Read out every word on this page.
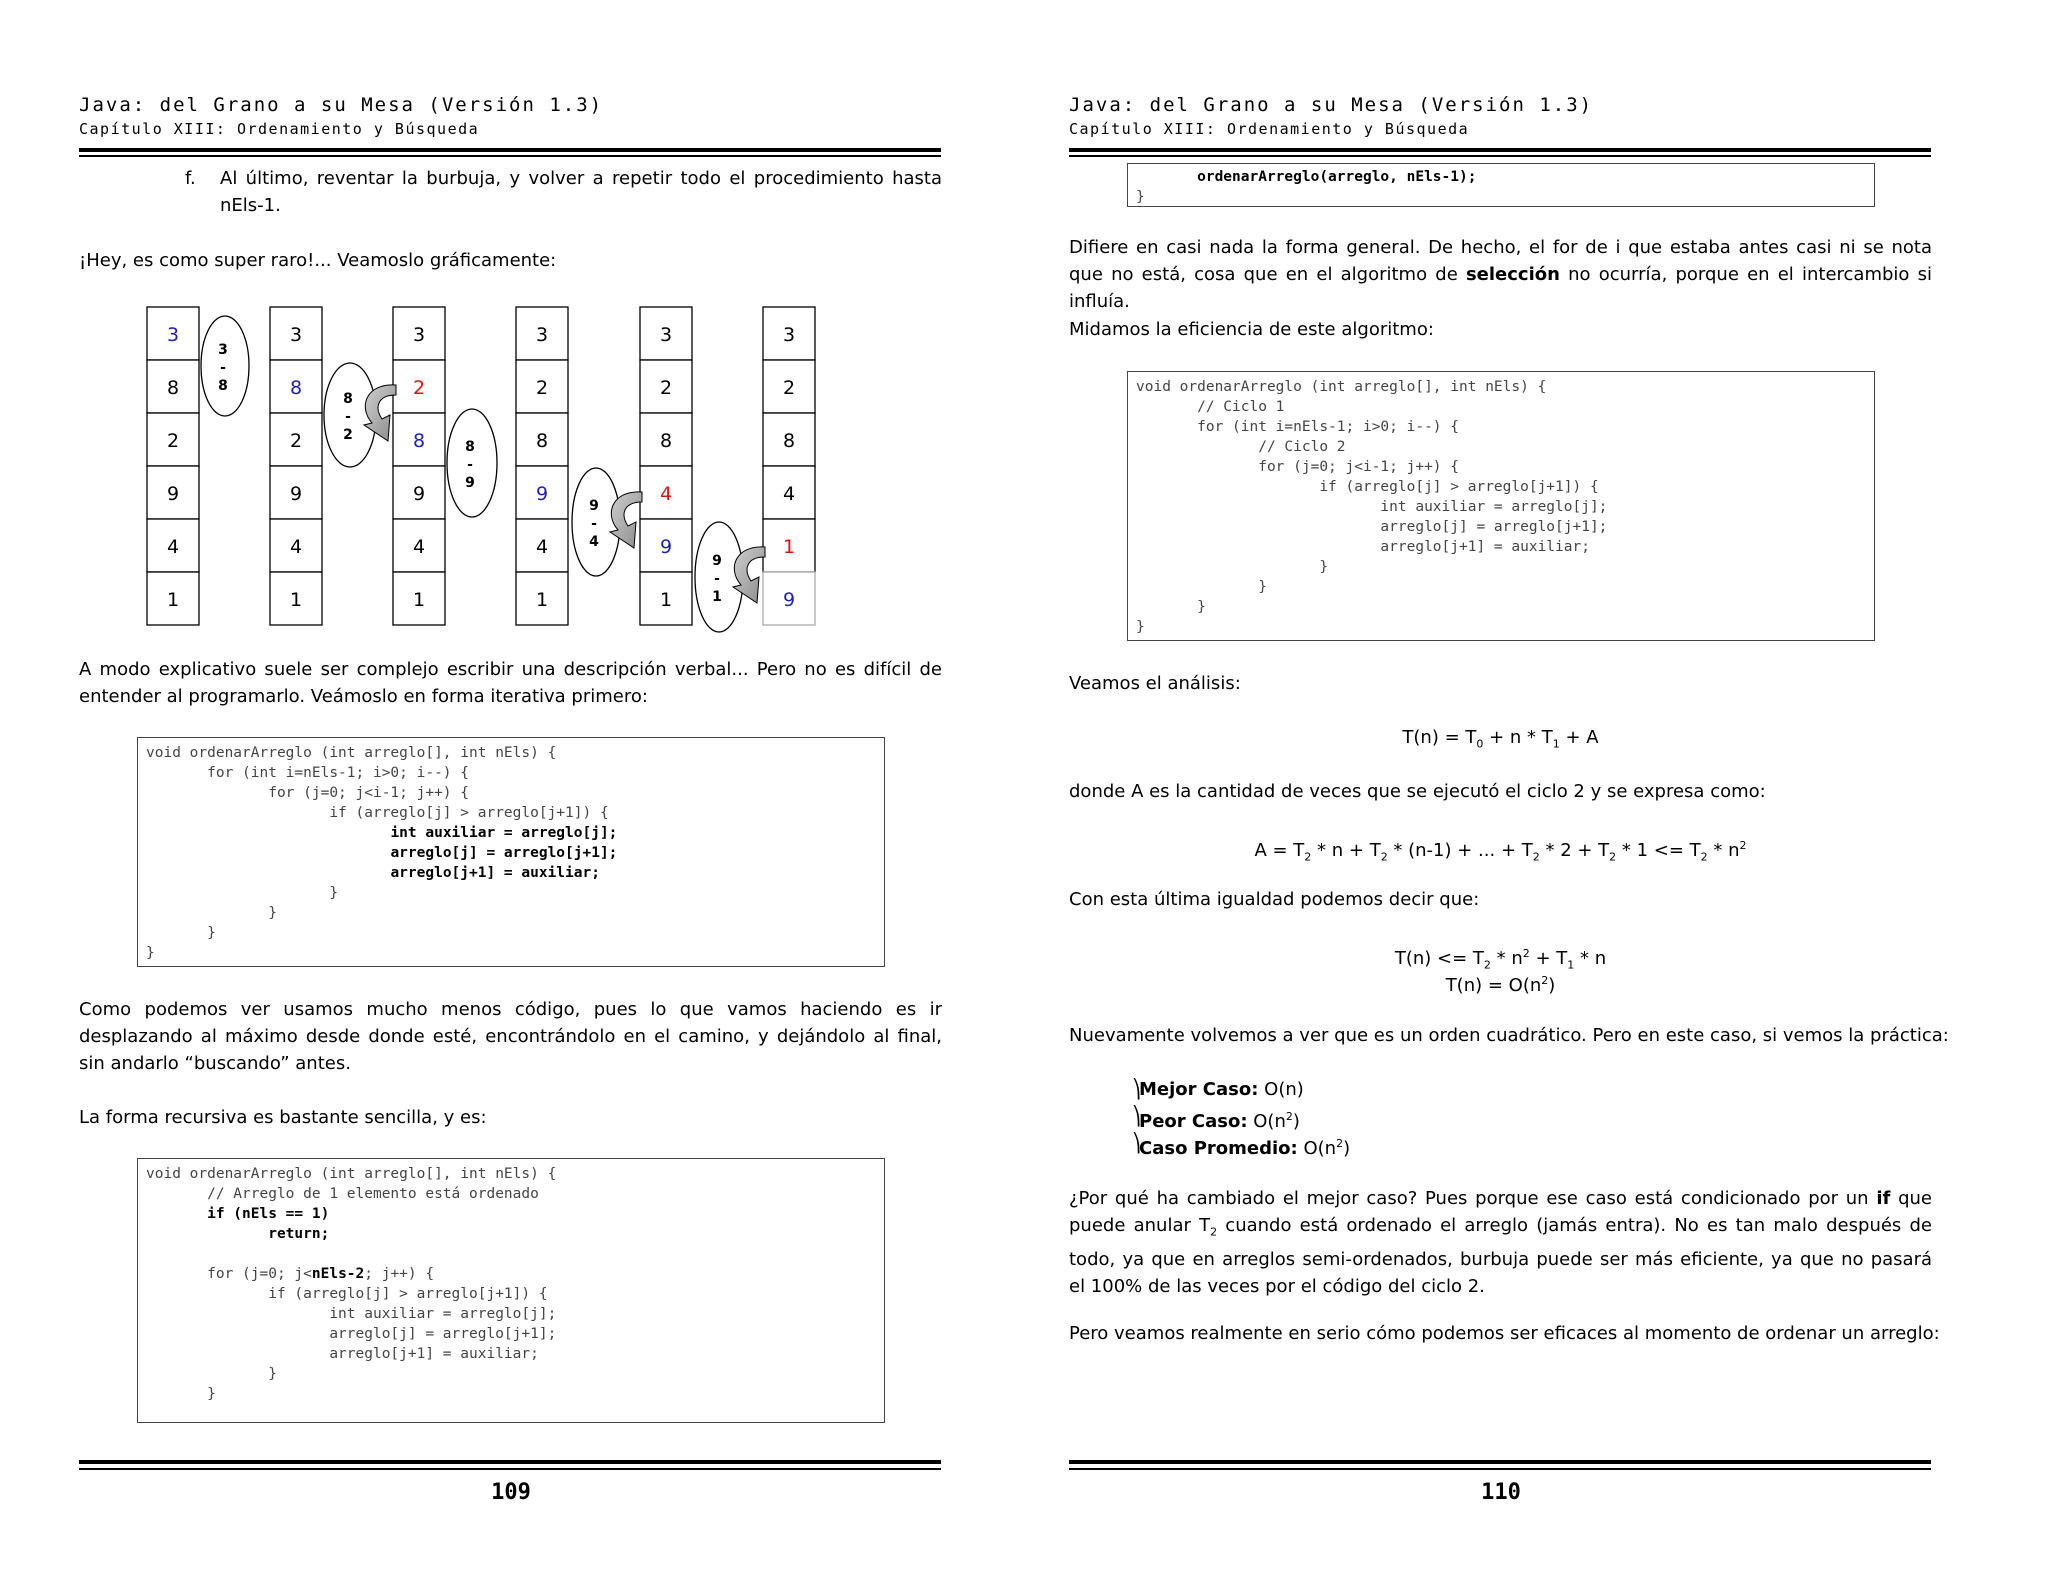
Java: del Grano a su Mesa (Versión 1.3)
Capítulo XIII: Ordenamiento y Búsqueda
f. Al último, reventar la burbuja, y volver a repetir todo el procedimiento hasta nEls-1.
¡Hey, es como super raro!... Veamoslo gráficamente:
3
8
2
9
4
1
3
8
2
9
4
1
3
2
8
9
4
1
3
2
8
9
4
1
3
2
8
4
9
1
3
2
8
4
1
9
3
-
8
8
-
2
8
-
9
9
-
4
9
-
1
A modo explicativo suele ser complejo escribir una descripción verbal... Pero no es difícil de entender al programarlo. Veámoslo en forma iterativa primero:
void ordenarArreglo (int arreglo[], int nEls) {
for (int i=nEls-1; i>0; i--) {
for (j=0; j<i-1; j++) {
if (arreglo[j] > arreglo[j+1]) {
int auxiliar = arreglo[j];
arreglo[j] = arreglo[j+1];
arreglo[j+1] = auxiliar;
}
}
}
}
Como podemos ver usamos mucho menos código, pues lo que vamos haciendo es ir desplazando al máximo desde donde esté, encontrándolo en el camino, y dejándolo al final, sin andarlo “buscando” antes.
La forma recursiva es bastante sencilla, y es:
void ordenarArreglo (int arreglo[], int nEls) {
// Arreglo de 1 elemento está ordenado
if (nEls == 1)
return;

for (j=0; j<nEls-2; j++) {
if (arreglo[j] > arreglo[j+1]) {
int auxiliar = arreglo[j];
arreglo[j] = arreglo[j+1];
arreglo[j+1] = auxiliar;
}
}
109
Java: del Grano a su Mesa (Versión 1.3)
Capítulo XIII: Ordenamiento y Búsqueda
ordenarArreglo(arreglo, nEls-1);
}
Difiere en casi nada la forma general. De hecho, el for de i que estaba antes casi ni se nota que no está, cosa que en el algoritmo de selección no ocurría, porque en el intercambio si influía.
Midamos la eficiencia de este algoritmo:
void ordenarArreglo (int arreglo[], int nEls) {
// Ciclo 1
for (int i=nEls-1; i>0; i--) {
// Ciclo 2
for (j=0; j<i-1; j++) {
if (arreglo[j] > arreglo[j+1]) {
int auxiliar = arreglo[j];
arreglo[j] = arreglo[j+1];
arreglo[j+1] = auxiliar;
}
}
}
}
Veamos el análisis:
$T(n) = T_0 + n * T_1 + A$
donde A es la cantidad de veces que se ejecutó el ciclo 2 y se expresa como:
$A = T_2 * n + T_2 * (n-1)$ + ... + $T_2 * 2 + T_2 * 1 <= T_2 * n^2$
Con esta última igualdad podemos decir que:
$T(n) <= T_2 * n^2 + T_1 * n$
$T(n) = O(n^2)$
Nuevamente volvemos a ver que es un orden cuadrático. Pero en este caso, si vemos la práctica:
⎞
Mejor Caso: O(n)
⎞
Peor Caso: $O(n^2)$
⎞
Caso Promedio: $O(n^2)$
¿Por qué ha cambiado el mejor caso? Pues porque ese caso está condicionado por un if que puede anular $T_2$ cuando está ordenado el arreglo (jamás entra). No es tan malo después de todo, ya que en arreglos semi-ordenados, burbuja puede ser más eficiente, ya que no pasará el 100% de las veces por el código del ciclo 2.
Pero veamos realmente en serio cómo podemos ser eficaces al momento de ordenar un arreglo:
110
